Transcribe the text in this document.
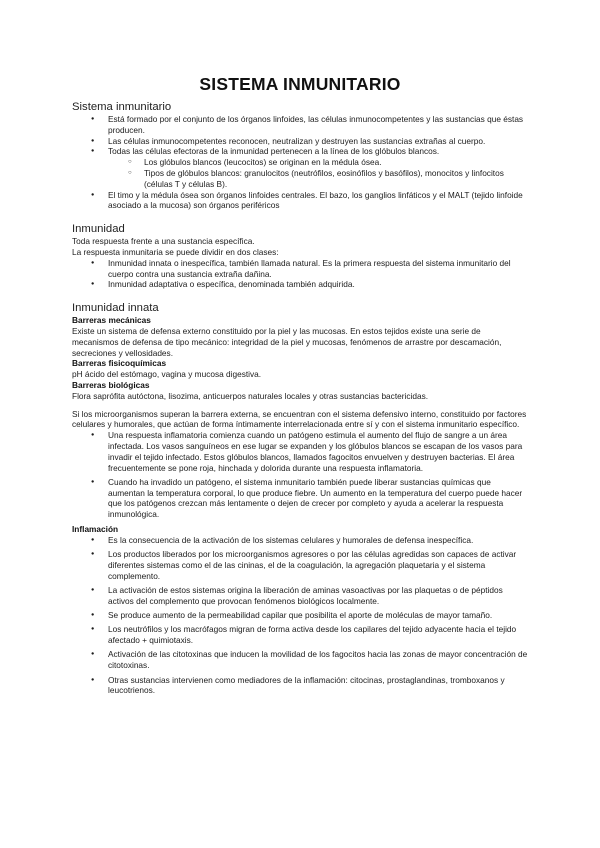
SISTEMA INMUNITARIO
Sistema inmunitario
● Está formado por el conjunto de los órganos linfoides, las células inmunocompetentes y las sustancias que éstas producen.
● Las células inmunocompetentes reconocen, neutralizan y destruyen las sustancias extrañas al cuerpo.
● Todas las células efectoras de la inmunidad pertenecen a la línea de los glóbulos blancos.
○ Los glóbulos blancos (leucocitos) se originan en la médula ósea.
○ Tipos de glóbulos blancos: granulocitos (neutrófilos, eosinófilos y basófilos), monocitos y linfocitos (células T y células B).
● El timo y la médula ósea son órganos linfoides centrales. El bazo, los ganglios linfáticos y el MALT (tejido linfoide asociado a la mucosa) son órganos periféricos
Inmunidad
Toda respuesta frente a una sustancia específica.
La respuesta inmunitaria se puede dividir en dos clases:
● Inmunidad innata o inespecífica, también llamada natural. Es la primera respuesta del sistema inmunitario del cuerpo contra una sustancia extraña dañina.
● Inmunidad adaptativa o específica, denominada también adquirida.
Inmunidad innata
Barreras mecánicas
Existe un sistema de defensa externo constituido por la piel y las mucosas. En estos tejidos existe una serie de mecanismos de defensa de tipo mecánico: integridad de la piel y mucosas, fenómenos de arrastre por descamación, secreciones y vellosidades.
Barreras fisicoquímicas
pH ácido del estómago, vagina y mucosa digestiva.
Barreras biológicas
Flora saprófita autóctona, lisozima, anticuerpos naturales locales y otras sustancias bactericidas.
Si los microorganismos superan la barrera externa, se encuentran con el sistema defensivo interno, constituido por factores celulares y humorales, que actúan de forma íntimamente interrelacionada entre sí y con el sistema inmunitario específico.
● Una respuesta inflamatoria comienza cuando un patógeno estimula el aumento del flujo de sangre a un área infectada. Los vasos sanguíneos en ese lugar se expanden y los glóbulos blancos se escapan de los vasos para invadir el tejido infectado. Estos glóbulos blancos, llamados fagocitos envuelven y destruyen bacterias. El área frecuentemente se pone roja, hinchada y dolorida durante una respuesta inflamatoria.
● Cuando ha invadido un patógeno, el sistema inmunitario también puede liberar sustancias químicas que aumentan la temperatura corporal, lo que produce fiebre. Un aumento en la temperatura del cuerpo puede hacer que los patógenos crezcan más lentamente o dejen de crecer por completo y ayuda a acelerar la respuesta inmunológica.
Inflamación
● Es la consecuencia de la activación de los sistemas celulares y humorales de defensa inespecífica.
● Los productos liberados por los microorganismos agresores o por las células agredidas son capaces de activar diferentes sistemas como el de las cininas, el de la coagulación, la agregación plaquetaria y el sistema complemento.
● La activación de estos sistemas origina la liberación de aminas vasoactivas por las plaquetas o de péptidos activos del complemento que provocan fenómenos biológicos localmente.
● Se produce aumento de la permeabilidad capilar que posibilita el aporte de moléculas de mayor tamaño.
● Los neutrófilos y los macrófagos migran de forma activa desde los capilares del tejido adyacente hacia el tejido afectado + quimiotaxis.
● Activación de las citotoxinas que inducen la movilidad de los fagocitos hacia las zonas de mayor concentración de citotoxinas.
● Otras sustancias intervienen como mediadores de la inflamación: citocinas, prostaglandinas, tromboxanos y leucotrienos.
